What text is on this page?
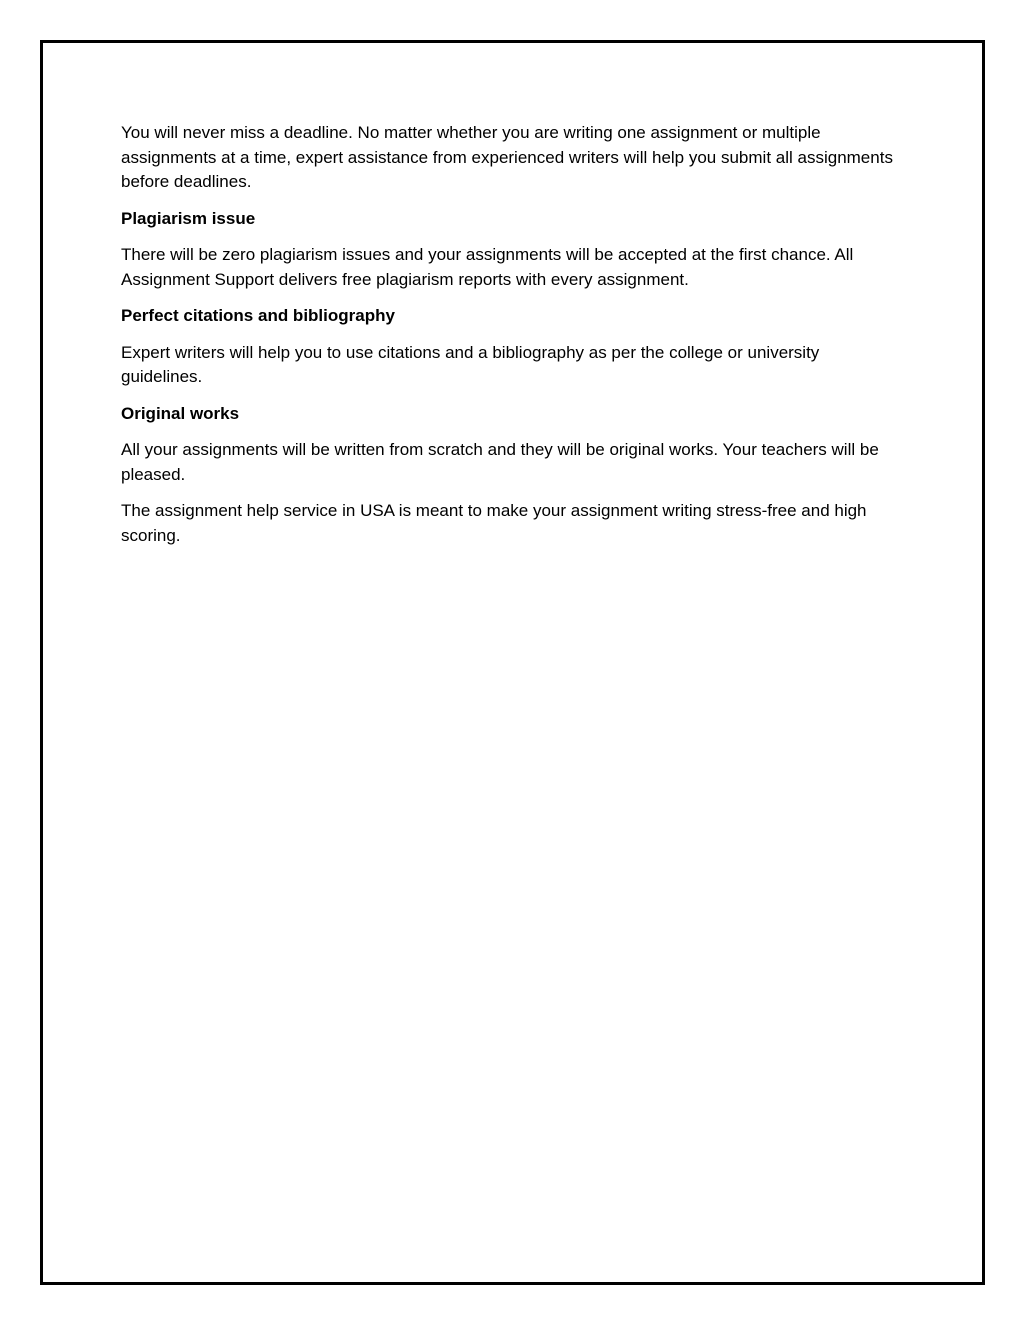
You will never miss a deadline. No matter whether you are writing one assignment or multiple assignments at a time, expert assistance from experienced writers will help you submit all assignments before deadlines.

Plagiarism issue

There will be zero plagiarism issues and your assignments will be accepted at the first chance. All Assignment Support delivers free plagiarism reports with every assignment.

Perfect citations and bibliography

Expert writers will help you to use citations and a bibliography as per the college or university guidelines.

Original works

All your assignments will be written from scratch and they will be original works. Your teachers will be pleased.

The assignment help service in USA is meant to make your assignment writing stress-free and high scoring.
